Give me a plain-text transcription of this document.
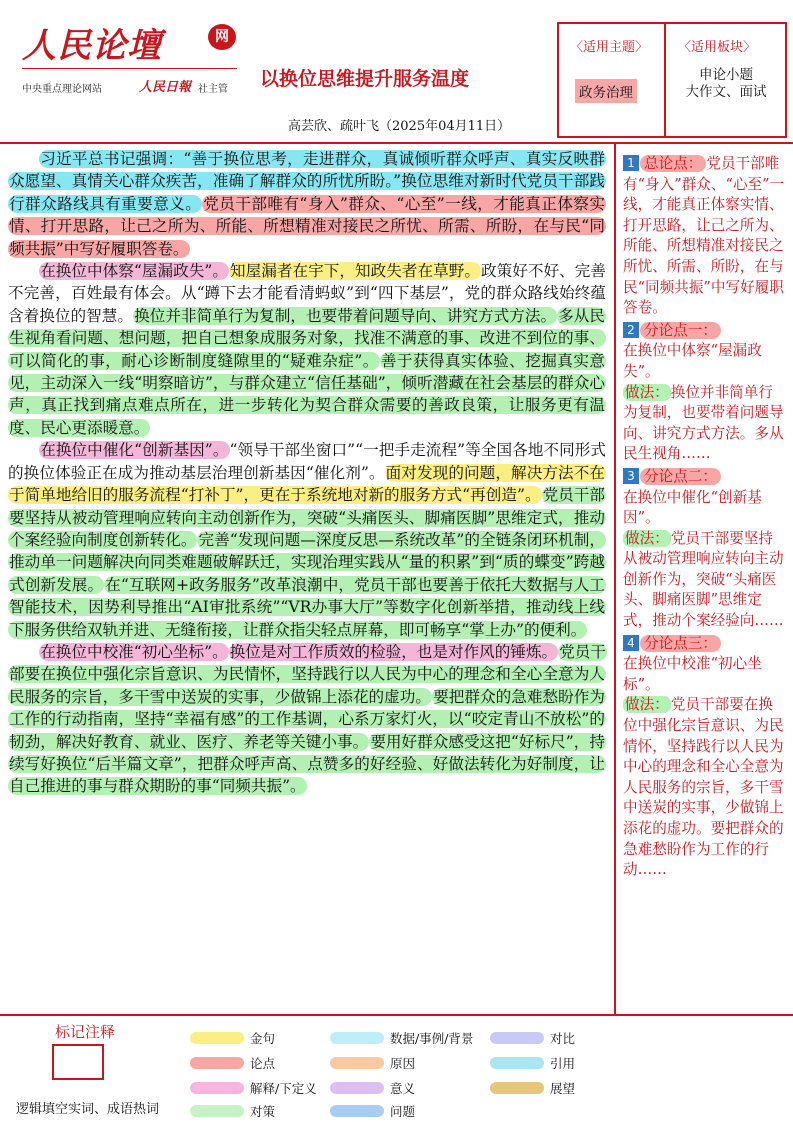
人民论壇	网
中央重点理论网站	人民日報 社主管 以换位思维提升服务温度
高芸欣、疏叶飞（2025年04月11日）
〈适用主题〉 〈适用板块〉
政务治理
申论小题
大作文、面试

习近平总书记强调：“善于换位思考，走进群众，真诚倾听群众呼声、真实反映群众愿望、真情关心群众疾苦，准确了解群众的所忧所盼。”换位思维对新时代党员干部践行群众路线具有重要意义。 党员干部唯有“身入”群众、“心至”一线，才能真正体察实情、打开思路，让己之所为、所能、所想精准对接民之所忧、所需、所盼，在与民“同频共振”中写好履职答卷。

在换位中体察“屋漏政失”。 知屋漏者在宇下，知政失者在草野。政策好不好、完善不完善，百姓最有体会。从“蹲下去才能看清蚂蚁”到“四下基层”，党的群众路线始终蕴含着换位的智慧。换位并非简单行为复制，也要带着问题导向、讲究方式方法。 多从民生视角看问题、想问题，把自己想象成服务对象，找准不满意的事、改进不到位的事、可以简化的事，耐心诊断制度缝隙里的“疑难杂症”。 善于获得真实体验、挖掘真实意见，主动深入一线“明察暗访”，与群众建立“信任基础”，倾听潜藏在社会基层的群众心声，真正找到痛点难点所在，进一步转化为契合群众需要的善政良策，让服务更有温度、民心更添暖意。

在换位中催化“创新基因”。“领导干部坐窗口”“一把手走流程”等全国各地不同形式的换位体验正在成为推动基层治理创新基因“催化剂”。面对发现的问题，解决方法不在于简单地给旧的服务流程“打补丁”，更在于系统地对新的服务方式“再创造”。 党员干部要坚持从被动管理响应转向主动创新作为，突破“头痛医头、脚痛医脚”思维定式，推动个案经验向制度创新转化。 完善“发现问题—深度反思—系统改革”的全链条闭环机制，推动单一问题解决向同类难题破解跃迁，实现治理实践从“量的积累”到“质的蝶变”跨越式创新发展。 在“互联网+政务服务”改革浪潮中，党员干部也要善于依托大数据与人工智能技术，因势利导推出“AI审批系统”“VR办事大厅”等数字化创新举措，推动线上线下服务供给双轨并进、无缝衔接，让群众指尖轻点屏幕，即可畅享“掌上办”的便利。

在换位中校准“初心坐标”。 换位是对工作质效的检验，也是对作风的锤炼。 党员干部要在换位中强化宗旨意识、为民情怀，坚持践行以人民为中心的理念和全心全意为人民服务的宗旨，多干雪中送炭的实事，少做锦上添花的虚功。 要把群众的急难愁盼作为工作的行动指南，坚持“幸福有感”的工作基调，心系万家灯火，以“咬定青山不放松”的韧劲，解决好教育、就业、医疗、养老等关键小事。 要用好群众感受这把“好标尺”，持续写好换位“后半篇文章”，把群众呼声高、点赞多的好经验、好做法转化为好制度，让自己推进的事与群众期盼的事“同频共振”。

1 总论点： 党员干部唯有“身入”群众、“心至”一线，才能真正体察实情、打开思路，让己之所为、所能、所想精准对接民之所忧、所需、所盼，在与民“同频共振”中写好履职答卷。
2 分论点一：
在换位中体察“屋漏政失”。
做法： 换位并非简单行为复制，也要带着问题导向、讲究方式方法。多从民生视角……
3 分论点二：
在换位中催化“创新基因”。
做法： 党员干部要坚持从被动管理响应转向主动创新作为，突破“头痛医头、脚痛医脚”思维定式，推动个案经验向……
4 分论点三：
在换位中校准“初心坐标”。
做法： 党员干部要在换位中强化宗旨意识、为民情怀，坚持践行以人民为中心的理念和全心全意为人民服务的宗旨，多干雪中送炭的实事，少做锦上添花的虚功。要把群众的急难愁盼作为工作的行动……
标记注释
逻辑填空实词、成语热词
金句	数据/事例/背景	对比
论点	原因	引用
解释/下定义	意义	展望
对策	问题
